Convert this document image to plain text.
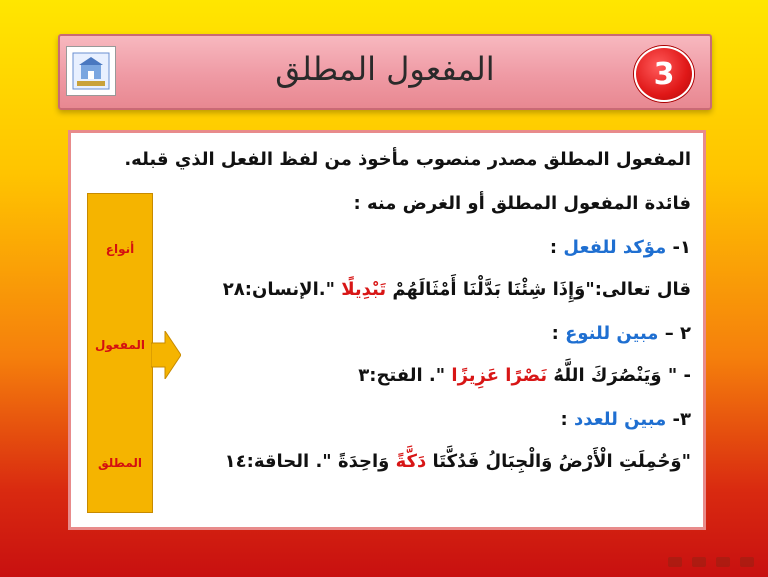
المفعول المطلق	3
المفعول المطلق مصدر منصوب مأخوذ من لفظ الفعل الذي قبله.
فائدة المفعول المطلق أو الغرض منه :
١- مؤكد للفعل :
قال تعالى:"وَإِذَا شِئْنَا بَدَّلْنَا أَمْثَالَهُمْ تَبْدِيلًا ".الإنسان:٢٨
٢ – مبين للنوع :
- " وَيَنْصُرَكَ اللَّهُ نَصْرًا عَزِيزًا ". الفتح:٣
٣- مبين للعدد :
"وَحُمِلَتِ الْأَرْضُ وَالْجِبَالُ فَدُكَّتَا دَكَّةً وَاحِدَةً ". الحاقة:١٤
أنواع
المفعول
المطلق
